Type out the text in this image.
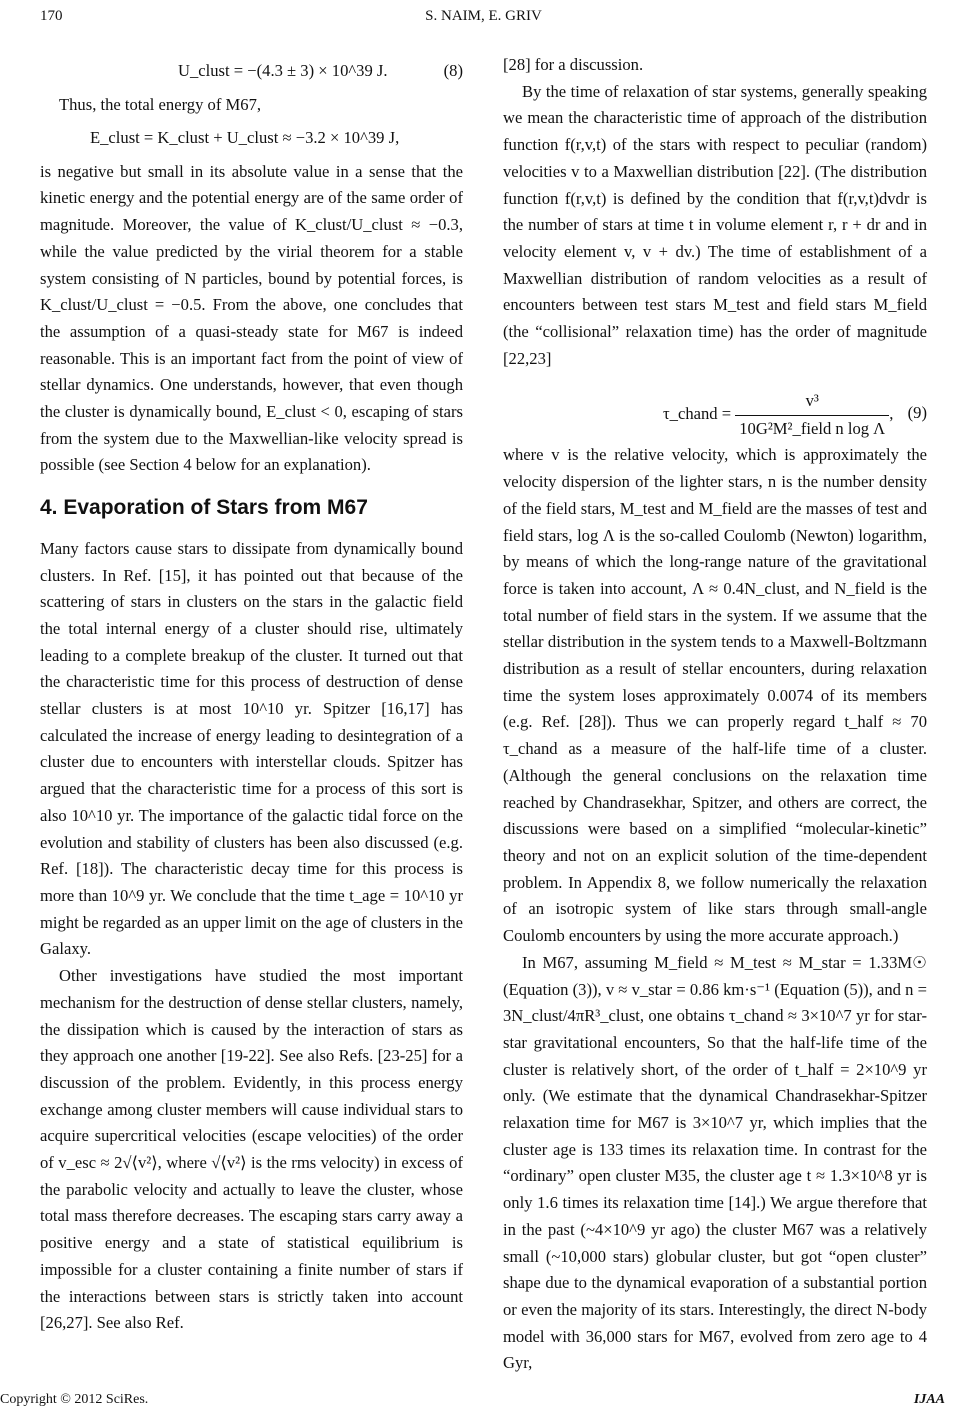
170	S. NAIM, E. GRIV
U_clust = −(4.3 ± 3) × 10^39 J.	(8)

Thus, the total energy of M67,

E_clust = K_clust + U_clust ≈ −3.2 × 10^39 J,

is negative but small in its absolute value in a sense that the kinetic energy and the potential energy are of the same order of magnitude. Moreover, the value of K_clust/U_clust ≈ −0.3, while the value predicted by the virial theorem for a stable system consisting of N particles, bound by potential forces, is K_clust/U_clust = −0.5. From the above, one concludes that the assumption of a quasi-steady state for M67 is indeed reasonable. This is an important fact from the point of view of stellar dynamics. One understands, however, that even though the cluster is dynamically bound, E_clust < 0, escaping of stars from the system due to the Maxwellian-like velocity spread is possible (see Section 4 below for an explanation).

4. Evaporation of Stars from M67

Many factors cause stars to dissipate from dynamically bound clusters. In Ref. [15], it has pointed out that because of the scattering of stars in clusters on the stars in the galactic field the total internal energy of a cluster should rise, ultimately leading to a complete breakup of the cluster. It turned out that the characteristic time for this process of destruction of dense stellar clusters is at most 10^10 yr. Spitzer [16,17] has calculated the increase of energy leading to desintegration of a cluster due to encounters with interstellar clouds. Spitzer has argued that the characteristic time for a process of this sort is also 10^10 yr. The importance of the galactic tidal force on the evolution and stability of clusters has been also discussed (e.g. Ref. [18]). The characteristic decay time for this process is more than 10^9 yr. We conclude that the time t_age = 10^10 yr might be regarded as an upper limit on the age of clusters in the Galaxy.

Other investigations have studied the most important mechanism for the destruction of dense stellar clusters, namely, the dissipation which is caused by the interaction of stars as they approach one another [19-22]. See also Refs. [23-25] for a discussion of the problem. Evidently, in this process energy exchange among cluster members will cause individual stars to acquire supercritical velocities (escape velocities) of the order of v_esc ≈ 2√⟨v²⟩, where √⟨v²⟩ is the rms velocity) in excess of the parabolic velocity and actually to leave the cluster, whose total mass therefore decreases. The escaping stars carry away a positive energy and a state of statistical equilibrium is impossible for a cluster containing a finite number of stars if the interactions between stars is strictly taken into account [26,27]. See also Ref.

[28] for a discussion.

By the time of relaxation of star systems, generally speaking we mean the characteristic time of approach of the distribution function f(r,v,t) of the stars with respect to peculiar (random) velocities v to a Maxwellian distribution [22]. (The distribution function f(r,v,t) is defined by the condition that f(r,v,t)dvdr is the number of stars at time t in volume element r, r + dr and in velocity element v, v + dv.) The time of establishment of a Maxwellian distribution of random velocities as a result of encounters between test stars M_test and field stars M_field (the “collisional” relaxation time) has the order of magnitude [22,23]

τ_chand = $\frac{\text{v³}}{\text{10G²M²\_field n log Λ}}$ , (9)

where v is the relative velocity, which is approximately the velocity dispersion of the lighter stars, n is the number density of the field stars, M_test and M_field are the masses of test and field stars, log Λ is the so-called Coulomb (Newton) logarithm, by means of which the long-range nature of the gravitational force is taken into account, Λ ≈ 0.4N_clust, and N_field is the total number of field stars in the system. If we assume that the stellar distribution in the system tends to a Maxwell-Boltzmann distribution as a result of stellar encounters, during relaxation time the system loses approximately 0.0074 of its members (e.g. Ref. [28]). Thus we can properly regard t_half ≈ 70 τ_chand as a measure of the half-life time of a cluster. (Although the general conclusions on the relaxation time reached by Chandrasekhar, Spitzer, and others are correct, the discussions were based on a simplified “molecular-kinetic” theory and not on an explicit solution of the time-dependent problem. In Appendix 8, we follow numerically the relaxation of an isotropic system of like stars through small-angle Coulomb encounters by using the more accurate approach.)

In M67, assuming M_field ≈ M_test ≈ M_star = 1.33M☉ (Equation (3)), v ≈ v_star = 0.86 km·s⁻¹ (Equation (5)), and n = 3N_clust/4πR³_clust, one obtains τ_chand ≈ 3×10^7 yr for star-star gravitational encounters, So that the half-life time of the cluster is relatively short, of the order of t_half = 2×10^9 yr only. (We estimate that the dynamical Chandrasekhar-Spitzer relaxation time for M67 is 3×10^7 yr, which implies that the cluster age is 133 times its relaxation time. In contrast for the “ordinary” open cluster M35, the cluster age t ≈ 1.3×10^8 yr is only 1.6 times its relaxation time [14].) We argue therefore that in the past (~4×10^9 yr ago) the cluster M67 was a relatively small (~10,000 stars) globular cluster, but got “open cluster” shape due to the dynamical evaporation of a substantial portion or even the majority of its stars. Interestingly, the direct N-body model with 36,000 stars for M67, evolved from zero age to 4 Gyr,

Copyright © 2012 SciRes.	IJAA
